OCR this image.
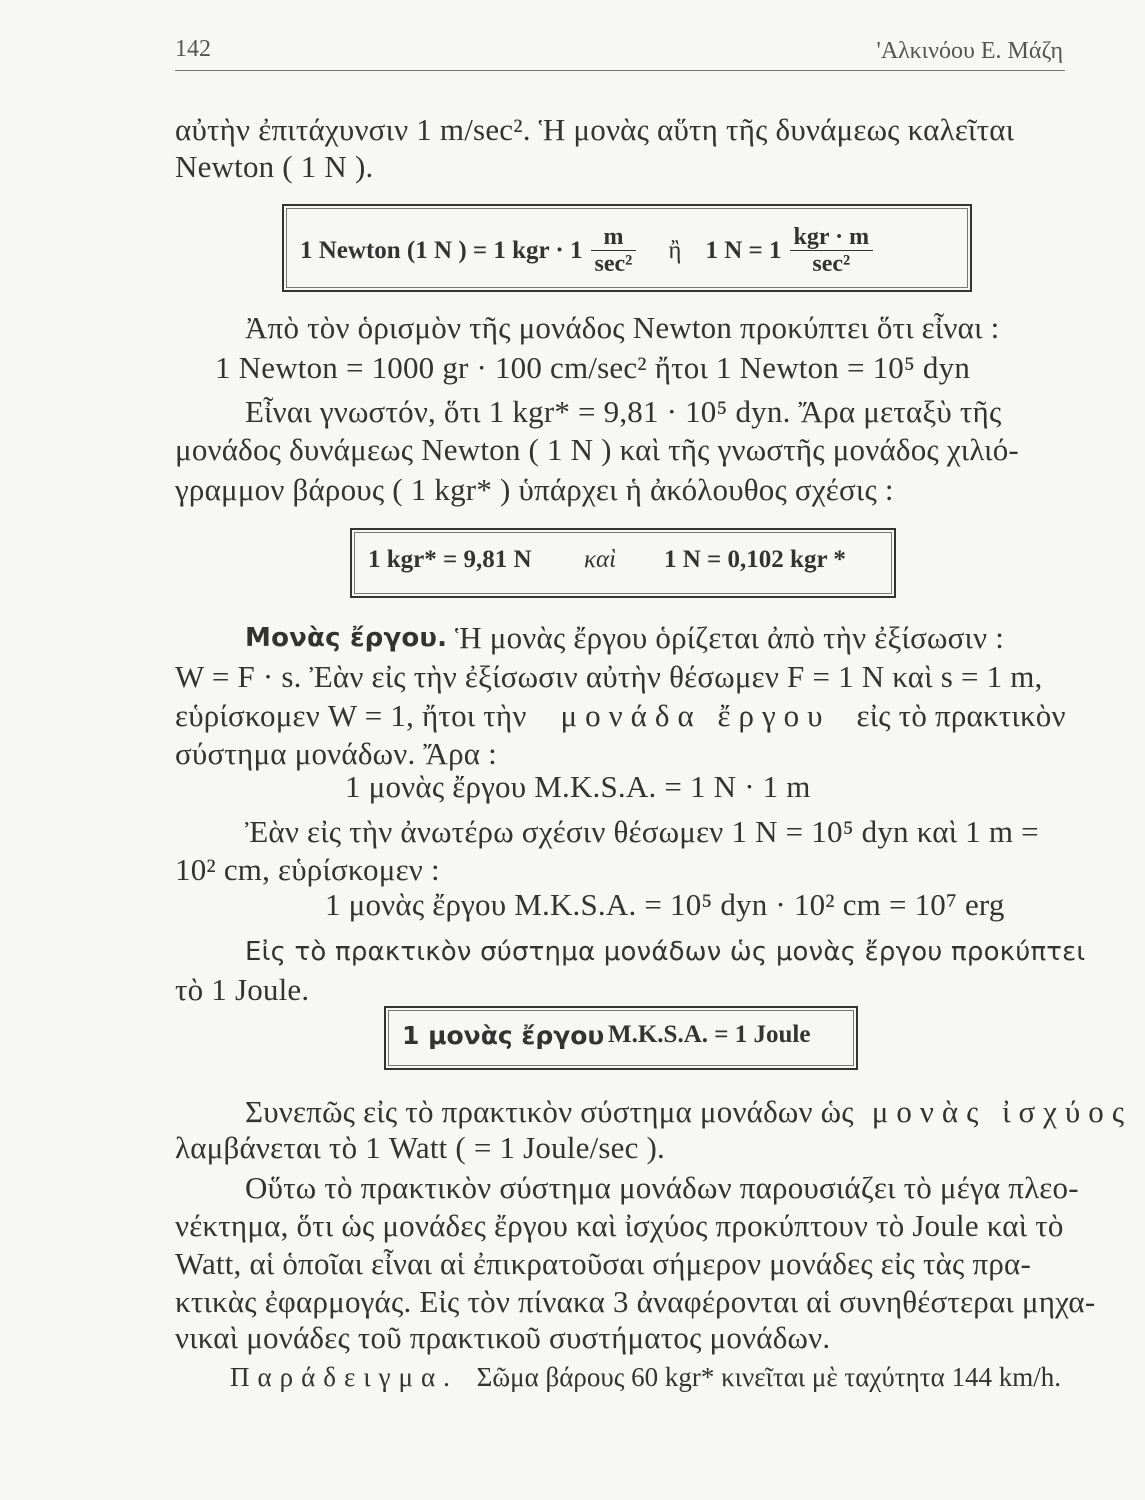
142	'Αλκινόου Ε. Μάζη
αὐτὴν ἐπιτάχυνσιν 1 m/sec². Ἡ μονὰς αὕτη τῆς δυνάμεως καλεῖται
Newton ( 1 N ).
1 Newton (1 N ) = 1 kgr · $1 \frac{m}{\text{sec²}}$ ἢ 1 $N = 1 \frac{\text{kgr · m}}{\text{sec²}}$
Ἀπὸ τὸν ὁρισμὸν τῆς μονάδος Newton προκύπτει ὅτι εἶναι :
1 Newton = 1000 gr · 100 cm/sec² ἤτοι 1 Newton = 10⁵ dyn
Εἶναι γνωστόν, ὅτι 1 kgr* = 9,81 · 10⁵ dyn. Ἄρα μεταξὺ τῆς
μονάδος δυνάμεως Newton ( 1 N ) καὶ τῆς γνωστῆς μονάδος χιλιό-
γραμμον βάρους ( 1 kgr* ) ὑπάρχει ἡ ἀκόλουθος σχέσις :
1 kgr* = 9,81 N καὶ 1 N = 0,102 kgr *
Μονὰς ἔργου. Ἡ μονὰς ἔργου ὁρίζεται ἀπὸ τὴν ἐξίσωσιν :
W = F · s. Ἐὰν εἰς τὴν ἐξίσωσιν αὐτὴν θέσωμεν F = 1 N καὶ s = 1 m,
εὑρίσκομεν W = 1, ἤτοι τὴν μονάδα ἔργου εἰς τὸ πρακτικὸν
σύστημα μονάδων. Ἄρα :
1 μονὰς ἔργου M.K.S.A. = 1 N · 1 m
Ἐὰν εἰς τὴν ἀνωτέρω σχέσιν θέσωμεν 1 N = 10⁵ dyn καὶ 1 m =
10² cm, εὑρίσκομεν :
1 μονὰς ἔργου M.K.S.A. = 10⁵ dyn · 10² cm = 10⁷ erg
Εἰς τὸ πρακτικὸν σύστημα μονάδων ὡς μονὰς ἔργου προκύπτει
τὸ 1 Joule.
1 μονὰς ἔργου M.K.S.A. = 1 Joule
Συνεπῶς εἰς τὸ πρακτικὸν σύστημα μονάδων ὡς μονὰς ἰσχύος
λαμβάνεται τὸ 1 Watt ( = 1 Joule/sec ).
Οὕτω τὸ πρακτικὸν σύστημα μονάδων παρουσιάζει τὸ μέγα πλεο-
νέκτημα, ὅτι ὡς μονάδες ἔργου καὶ ἰσχύος προκύπτουν τὸ Joule καὶ τὸ
Watt, αἱ ὁποῖαι εἶναι αἱ ἐπικρατοῦσαι σήμερον μονάδες εἰς τὰς πρα-
κτικὰς ἐφαρμογάς. Εἰς τὸν πίνακα 3 ἀναφέρονται αἱ συνηθέστεραι μηχα-
νικαὶ μονάδες τοῦ πρακτικοῦ συστήματος μονάδων.
Παράδειγμα. Σῶμα βάρους 60 kgr* κινεῖται μὲ ταχύτητα 144 km/h.
